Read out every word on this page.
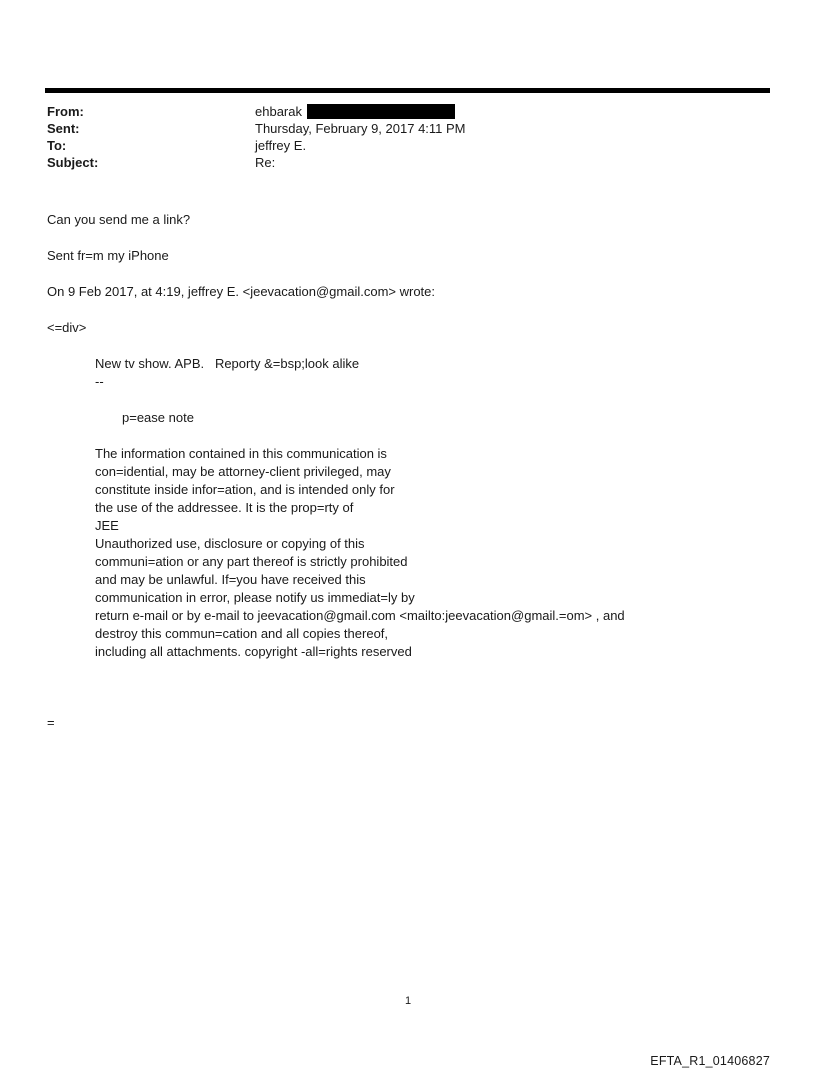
From:	ehbarak
Sent:	Thursday, February 9, 2017 4:11 PM
To:	jeffrey E.
Subject:	Re:
Can you send me a link?
Sent fr=m my iPhone
On 9 Feb 2017, at 4:19, jeffrey E. <jeevacation@gmail.com> wrote:
<=div>
New tv show. APB.   Reporty &=bsp;look alike
--
p=ease note
The information contained in this communication is
con=idential, may be attorney-client privileged, may
constitute inside infor=ation, and is intended only for
the use of the addressee. It is the prop=rty of
JEE
Unauthorized use, disclosure or copying of this
communi=ation or any part thereof is strictly prohibited
and may be unlawful. If=you have received this
communication in error, please notify us immediat=ly by
return e-mail or by e-mail to jeevacation@gmail.com <mailto:jeevacation@gmail.=om> , and
destroy this commun=cation and all copies thereof,
including all attachments. copyright -all=rights reserved
=
1
EFTA_R1_01406827
